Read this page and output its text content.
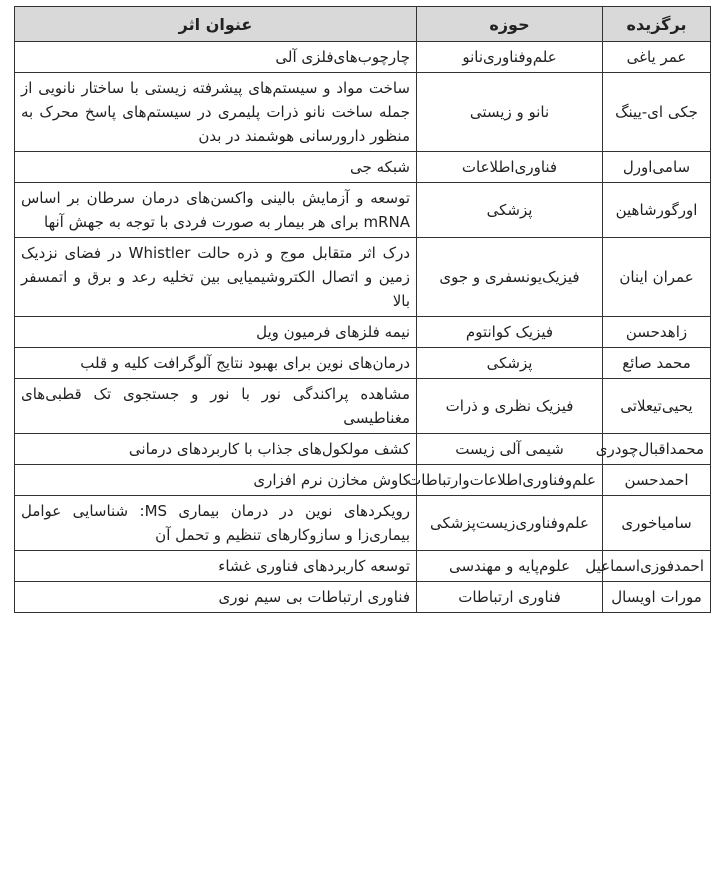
برگزیده	حوزه	عنوان اثر
عمر یاغی	علم‌وفناوری‌نانو	چارچوب‌های‌فلزی آلی
جکی ای-یینگ	نانو و زیستی	ساخت مواد و سیستم‌های پیشرفته زیستی با ساختار نانویی از جمله ساخت نانو ذرات پلیمری در سیستم‌های پاسخ محرک به منظور دارورسانی هوشمند در بدن
سامی‌اورل	فناوری‌اطلاعات	شبکه جی
اورگورشاهین	پزشکی	توسعه و آزمایش بالینی واکسن‌های درمان سرطان بر اساس mRNA برای هر بیمار به صورت فردی با توجه به جهش آنها
عمران اینان	فیزیک‌یونسفری و جوی	درک اثر متقابل موج و ذره حالت Whistler در فضای نزدیک زمین و اتصال الکتروشیمیایی بین تخلیه رعد و برق و اتمسفر بالا
زاهدحسن	فیزیک کوانتوم	نیمه فلزهای فرمیون ویل
محمد صائع	پزشکی	درمان‌های نوین برای بهبود نتایج آلوگرافت کلیه و قلب
یحیی‌تیعلاتی	فیزیک نظری و ذرات	مشاهده پراکندگی نور با نور و جستجوی تک قطبی‌های مغناطیسی
محمداقبال‌چودری	شیمی آلی زیست	کشف مولکول‌های جذاب با کاربردهای درمانی
احمدحسن	علم‌وفناوری‌اطلاعات‌وارتباطات	کاوش مخازن نرم افزاری
سامیاخوری	علم‌وفناوری‌زیست‌پزشکی	رویکردهای نوین در درمان بیماری MS: شناسایی عوامل بیماری‌زا و سازوکارهای تنظیم و تحمل آن
احمدفوزی‌اسماعیل	علوم‌پایه و مهندسی	توسعه کاربردهای فناوری غشاء
مورات اویسال	فناوری ارتباطات	فناوری ارتباطات بی سیم نوری
